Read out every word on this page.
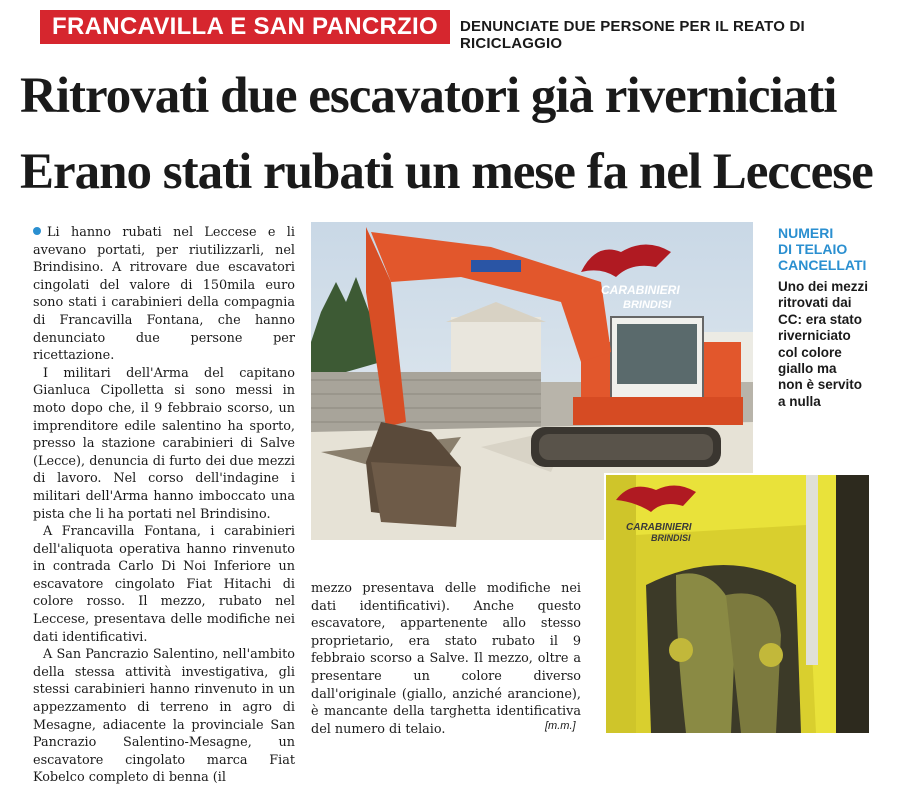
FRANCAVILLA E SAN PANCRZIO	DENUNCIATE DUE PERSONE PER IL REATO DI RICICLAGGIO
Ritrovati due escavatori già riverniciati
Erano stati rubati un mese fa nel Leccese

Li hanno rubati nel Leccese e li avevano portati, per riutilizzarli, nel Brindisino. A ritrovare due escavatori cingolati del valore di 150mila euro sono stati i carabinieri della compagnia di Francavilla Fontana, che hanno denunciato due persone per ricettazione.

I militari dell'Arma del capitano Gianluca Cipolletta si sono messi in moto dopo che, il 9 febbraio scorso, un imprenditore edile salentino ha sporto, presso la stazione carabinieri di Salve (Lecce), denuncia di furto dei due mezzi di lavoro. Nel corso dell'indagine i militari dell'Arma hanno imboccato una pista che li ha portati nel Brindisino.

A Francavilla Fontana, i carabinieri dell'aliquota operativa hanno rinvenuto in contrada Carlo Di Noi Inferiore un escavatore cingolato Fiat Hitachi di colore rosso. Il mezzo, rubato nel Leccese, presentava delle modifiche nei dati identificativi.

A San Pancrazio Salentino, nell'ambito della stessa attività investigativa, gli stessi carabinieri hanno rinvenuto in un appezzamento di terreno in agro di Mesagne, adiacente la provinciale San Pancrazio Salentino-Mesagne, un escavatore cingolato marca Fiat Kobelco completo di benna (il

CARABINIERI
BRINDISI
CARABINIERI
BRINDISI
NUMERI
DI TELAIO
CANCELLATI
Uno dei mezzi
ritrovati dai
CC: era stato
riverniciato
col colore
giallo ma
non è servito
a nulla

mezzo presentava delle modifiche nei dati identificativi). Anche questo escavatore, appartenente allo stesso proprietario, era stato rubato il 9 febbraio scorso a Salve. Il mezzo, oltre a presentare un colore diverso dall'originale (giallo, anziché arancione), è mancante della targhetta identificativa del numero di telaio.	[m.m.]
